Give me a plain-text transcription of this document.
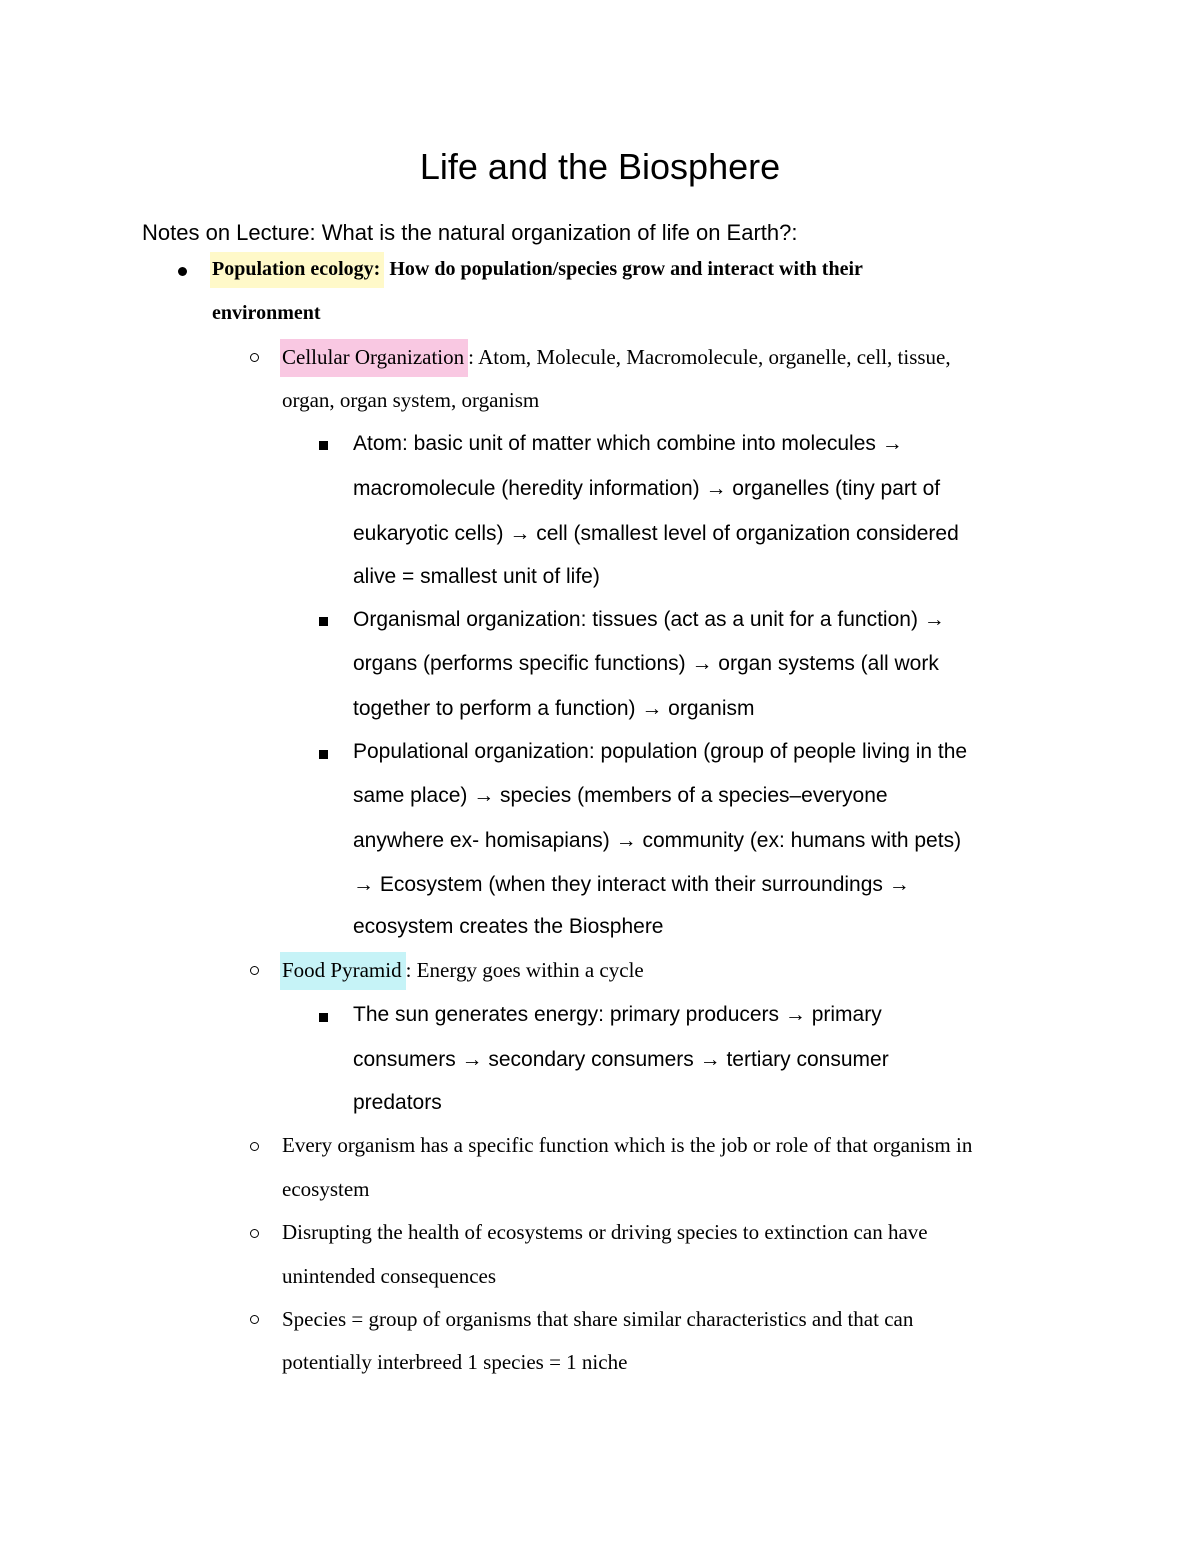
Life and the Biosphere
Notes on Lecture: What is the natural organization of life on Earth?:
Population ecology: How do population/species grow and interact with their
environment
Cellular Organization : Atom, Molecule, Macromolecule, organelle, cell, tissue,
organ, organ system, organism
Atom: basic unit of matter which combine into molecules →
macromolecule (heredity information) → organelles (tiny part of
eukaryotic cells) → cell (smallest level of organization considered
alive = smallest unit of life)
Organismal organization: tissues (act as a unit for a function) →
organs (performs specific functions) → organ systems (all work
together to perform a function) → organism
Populational organization: population (group of people living in the
same place) → species (members of a species–everyone
anywhere ex- homisapians) → community (ex: humans with pets)
→ Ecosystem (when they interact with their surroundings →
ecosystem creates the Biosphere
Food Pyramid : Energy goes within a cycle
The sun generates energy: primary producers → primary
consumers → secondary consumers → tertiary consumer
predators
Every organism has a specific function which is the job or role of that organism in
ecosystem
Disrupting the health of ecosystems or driving species to extinction can have
unintended consequences
Species = group of organisms that share similar characteristics and that can
potentially interbreed 1 species = 1 niche
